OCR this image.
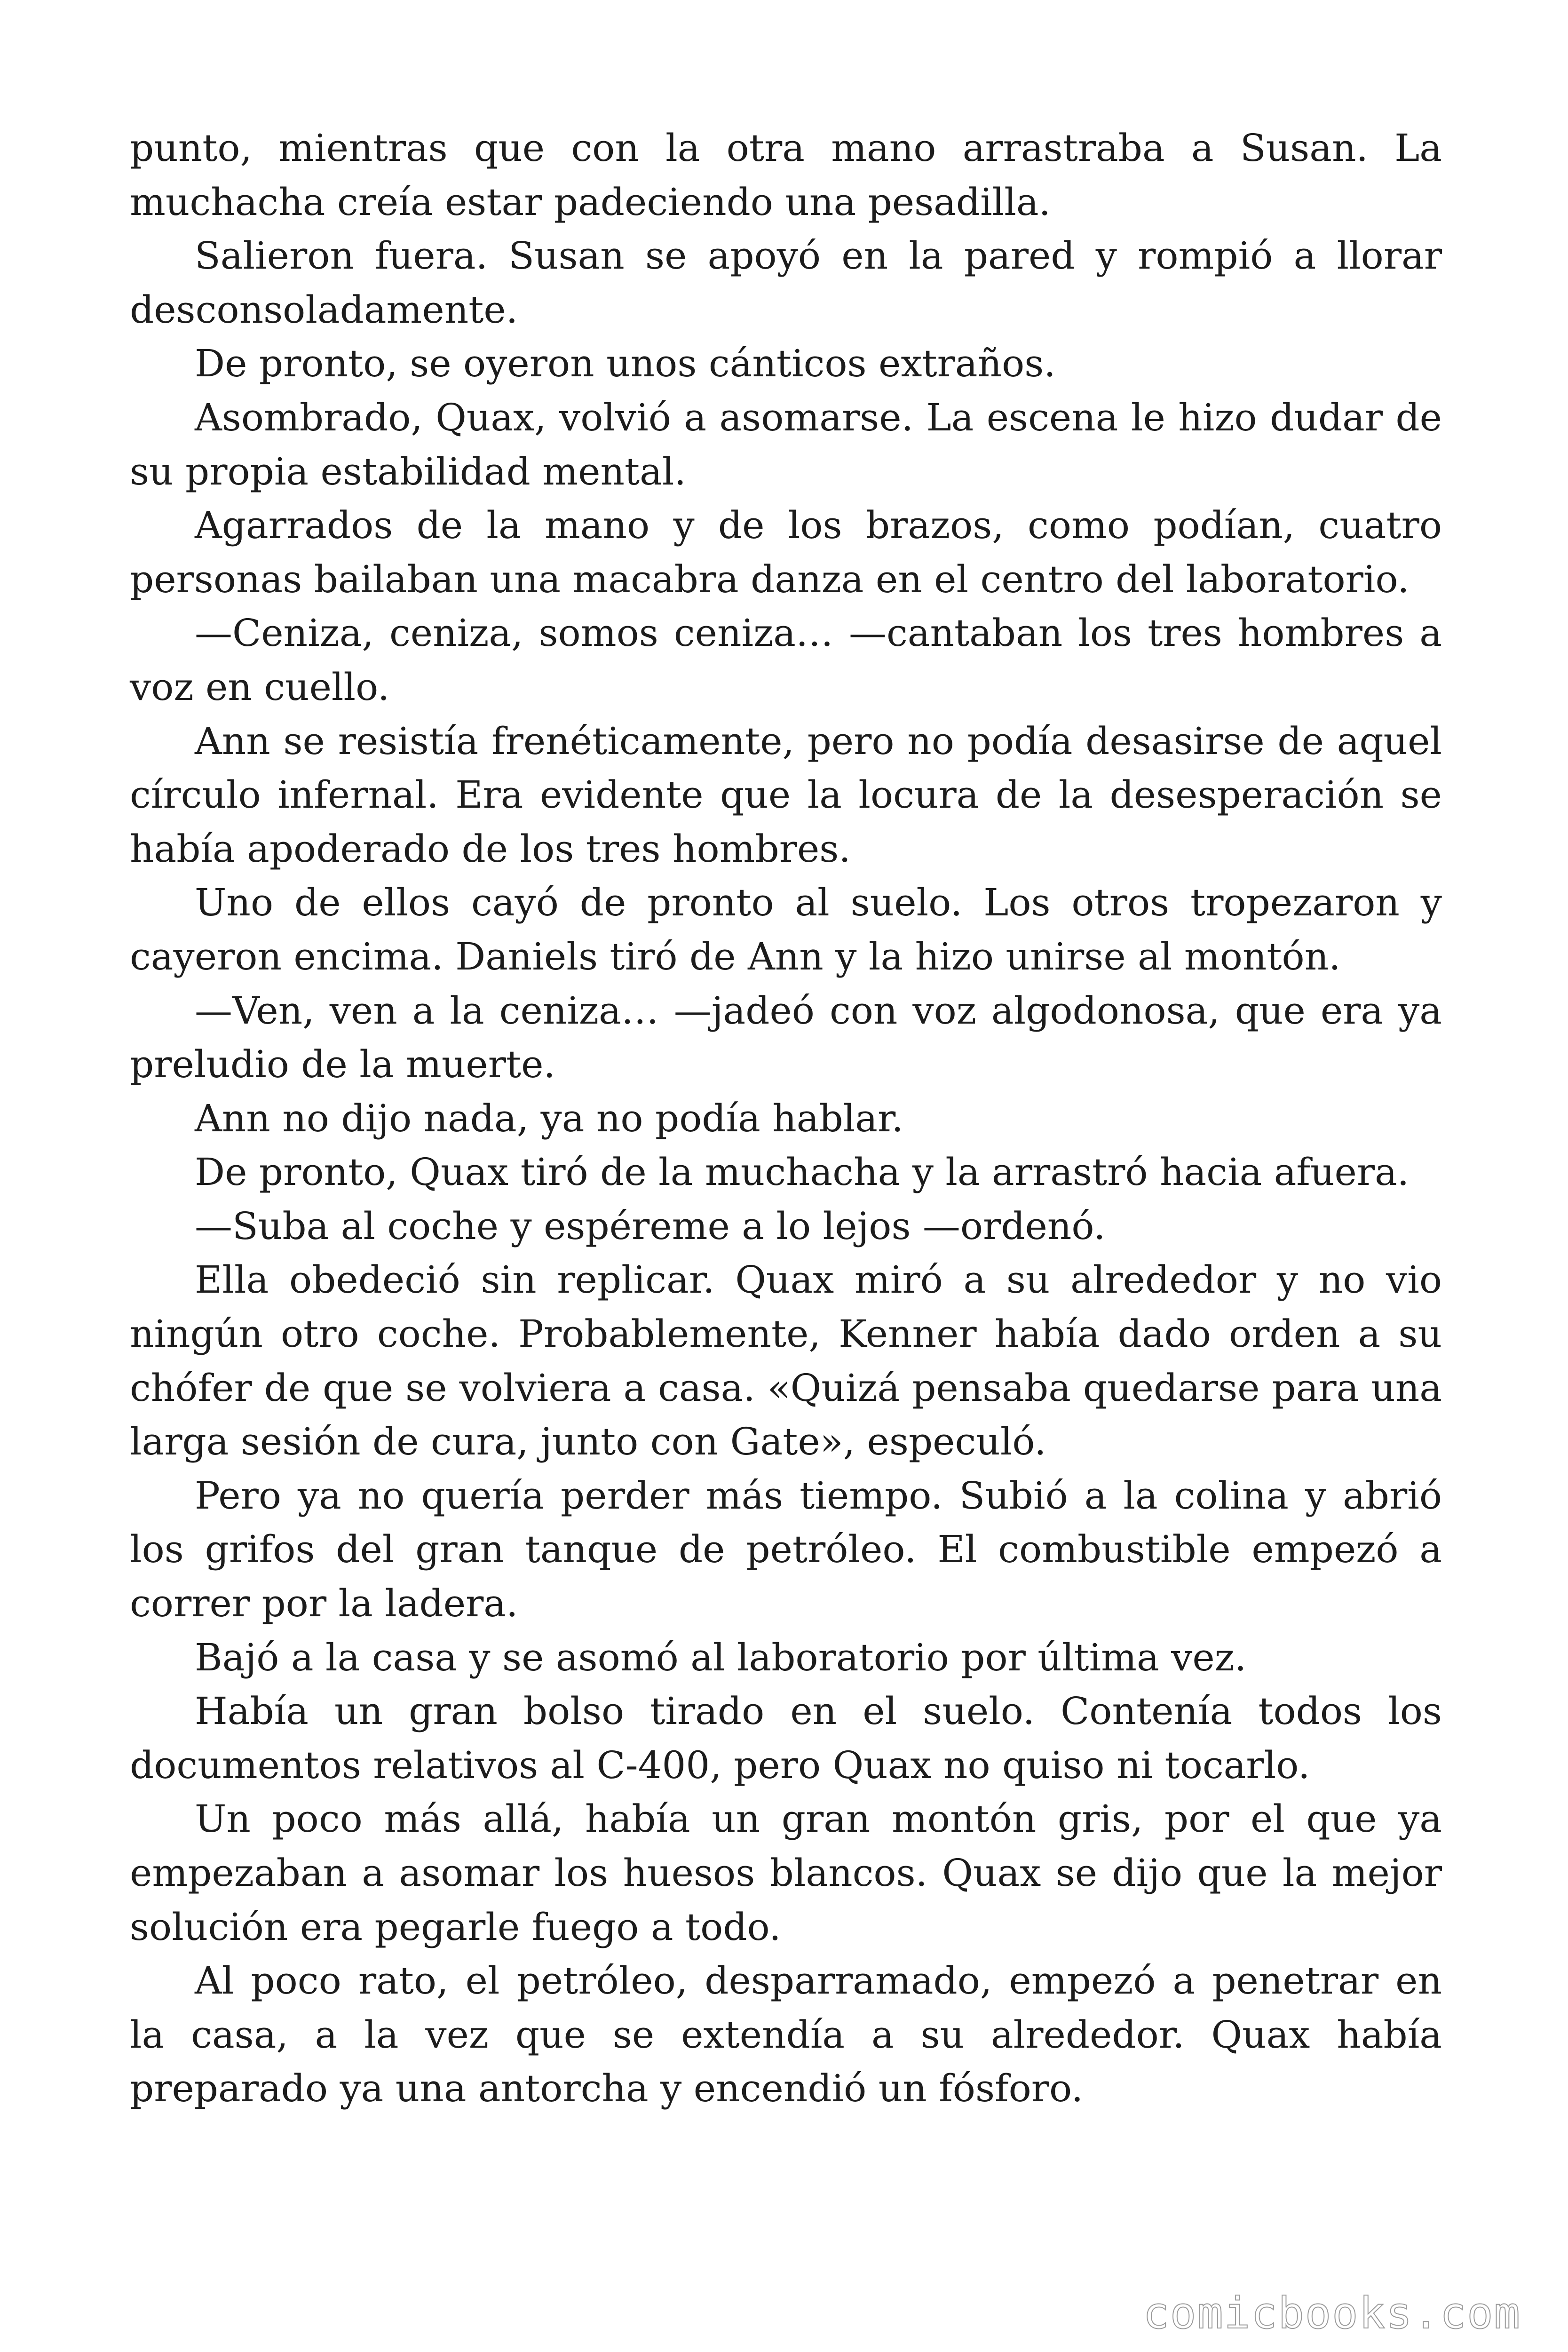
punto, mientras que con la otra mano arrastraba a Susan. La muchacha creía estar padeciendo una pesadilla.

Salieron fuera. Susan se apoyó en la pared y rompió a llorar desconsoladamente.

De pronto, se oyeron unos cánticos extraños.

Asombrado, Quax, volvió a asomarse. La escena le hizo dudar de su propia estabilidad mental.

Agarrados de la mano y de los brazos, como podían, cuatro personas bailaban una macabra danza en el centro del laboratorio.

—Ceniza, ceniza, somos ceniza… —cantaban los tres hombres a voz en cuello.

Ann se resistía frenéticamente, pero no podía desasirse de aquel círculo infernal. Era evidente que la locura de la desesperación se había apoderado de los tres hombres.

Uno de ellos cayó de pronto al suelo. Los otros tropezaron y cayeron encima. Daniels tiró de Ann y la hizo unirse al montón.

—Ven, ven a la ceniza… —jadeó con voz algodonosa, que era ya preludio de la muerte.

Ann no dijo nada, ya no podía hablar.

De pronto, Quax tiró de la muchacha y la arrastró hacia afuera.

—Suba al coche y espéreme a lo lejos —ordenó.

Ella obedeció sin replicar. Quax miró a su alrededor y no vio ningún otro coche. Probablemente, Kenner había dado orden a su chófer de que se volviera a casa. «Quizá pensaba quedarse para una larga sesión de cura, junto con Gate», especuló.

Pero ya no quería perder más tiempo. Subió a la colina y abrió los grifos del gran tanque de petróleo. El combustible empezó a correr por la ladera.

Bajó a la casa y se asomó al laboratorio por última vez.

Había un gran bolso tirado en el suelo. Contenía todos los documentos relativos al C-400, pero Quax no quiso ni tocarlo.

Un poco más allá, había un gran montón gris, por el que ya empezaban a asomar los huesos blancos. Quax se dijo que la mejor solución era pegarle fuego a todo.

Al poco rato, el petróleo, desparramado, empezó a penetrar en la casa, a la vez que se extendía a su alrededor. Quax había preparado ya una antorcha y encendió un fósforo.

comicbooks.com
